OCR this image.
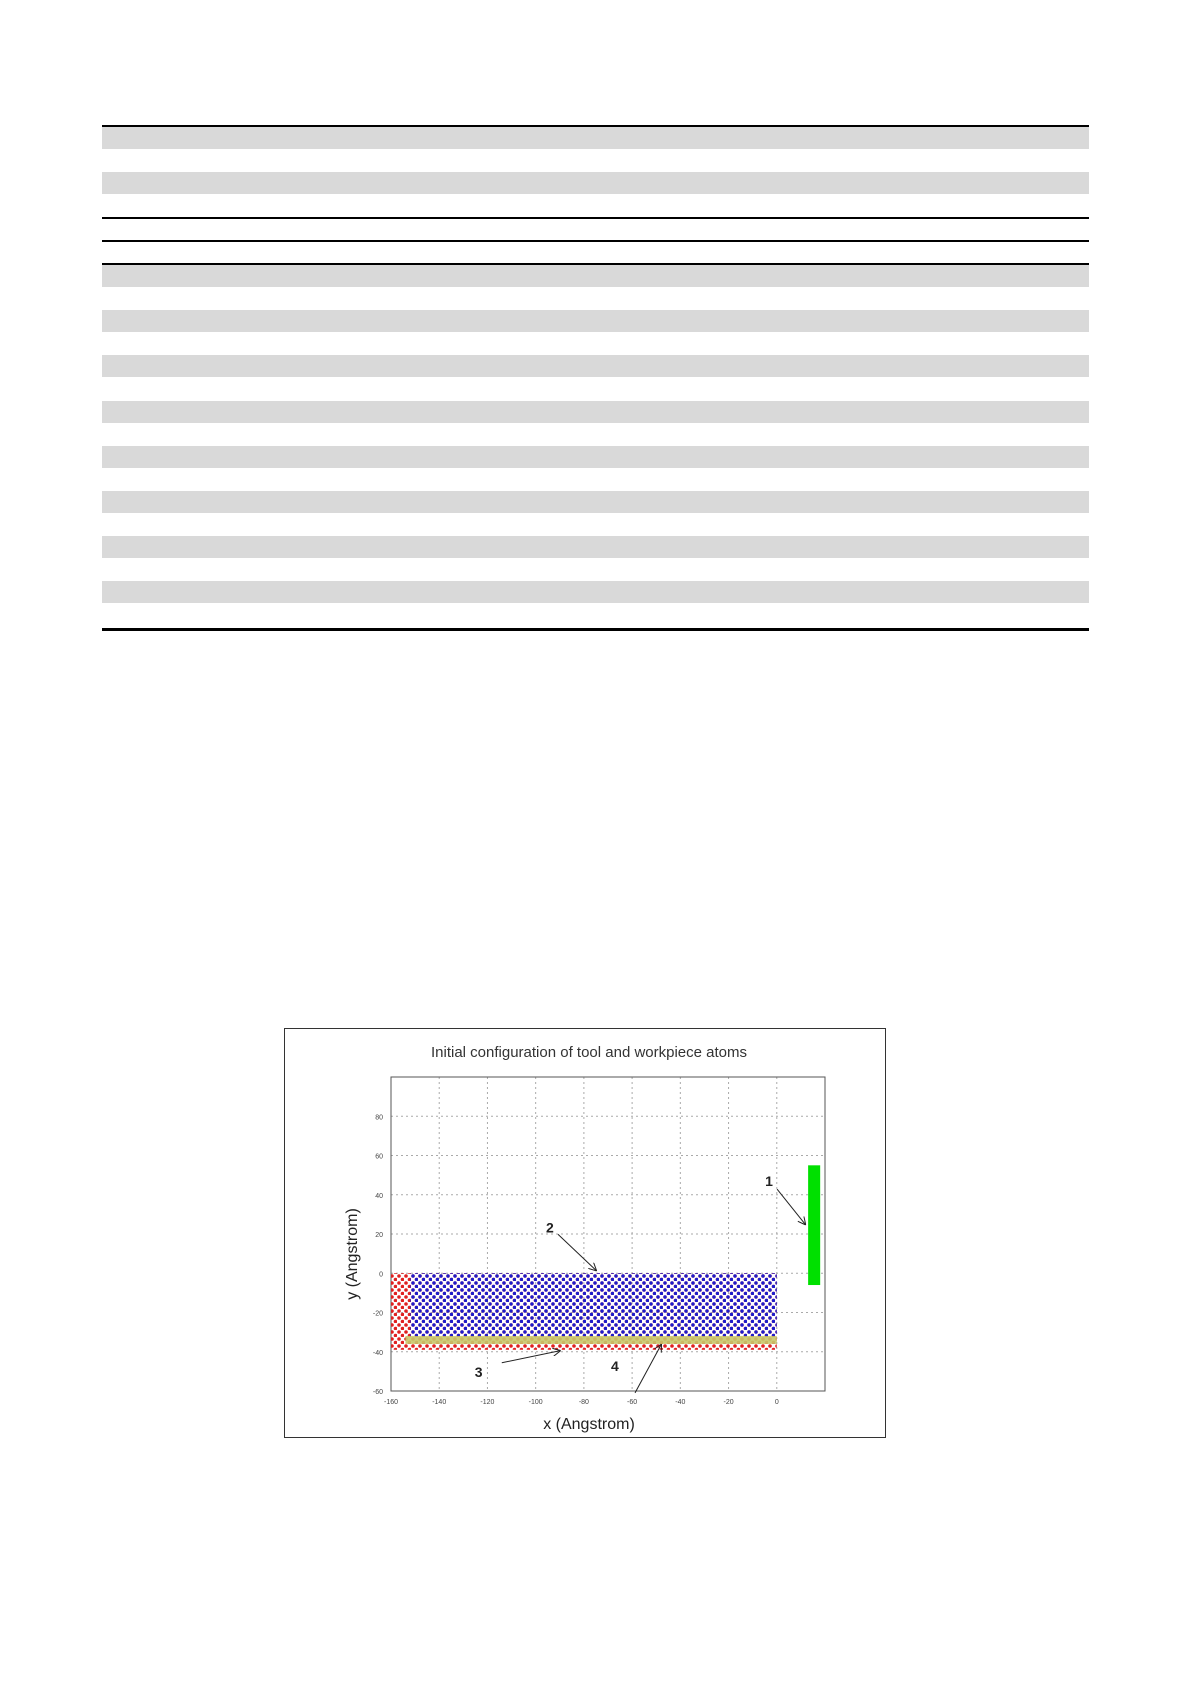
Initial configuration of tool and workpiece atoms
-160	-140	-120	-100	-80	-60	-40	-20	0
80
60
40
20
0
-20
-40
-60
1
2
3	4
x (Angstrom)
y (Angstrom)
